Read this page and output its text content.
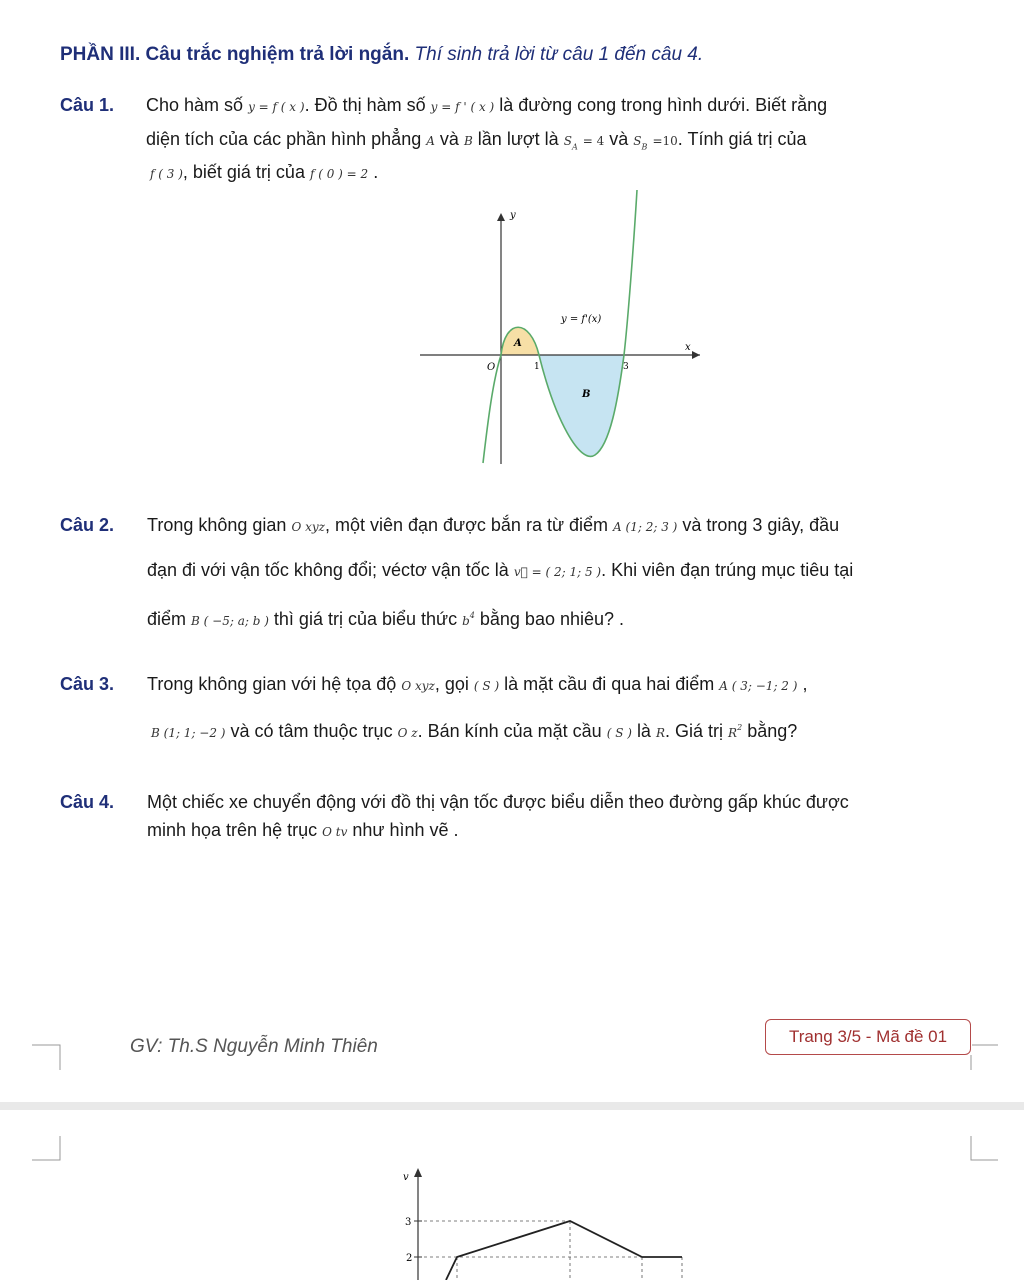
PHẦN III. Câu trắc nghiệm trả lời ngắn. Thí sinh trả lời từ câu 1 đến câu 4.
Câu 1. Cho hàm số y = f ( x ). Đồ thị hàm số y = f ' ( x ) là đường cong trong hình dưới. Biết rằng
diện tích của các phần hình phẳng A và B lần lượt là $S_A = 4$ và $S_B =10$. Tính giá trị của
f ( 3 ), biết giá trị của f ( 0 ) = 2 .
y
x
O	1	3
y = f'(x)
A
B
Câu 2. Trong không gian O xyz, một viên đạn được bắn ra từ điểm A (1; 2; 3 ) và trong 3 giây, đầu
đạn đi với vận tốc không đổi; véctơ vận tốc là v⃗ = ( 2; 1; 5 ). Khi viên đạn trúng mục tiêu tại
điểm B ( −5; a; b ) thì giá trị của biểu thức $b^4$ bằng bao nhiêu? .
Câu 3. Trong không gian với hệ tọa độ O xyz, gọi ( S ) là mặt cầu đi qua hai điểm A ( 3; −1; 2 ) ,
B (1; 1; −2 ) và có tâm thuộc trục O z. Bán kính của mặt cầu ( S ) là R. Giá trị $R^2$ bằng?
Câu 4. Một chiếc xe chuyển động với đồ thị vận tốc được biểu diễn theo đường gấp khúc được
minh họa trên hệ trục O tv như hình vẽ .
GV: Th.S Nguyễn Minh Thiên	Trang 3/5 - Mã đề 01
v
3
2
